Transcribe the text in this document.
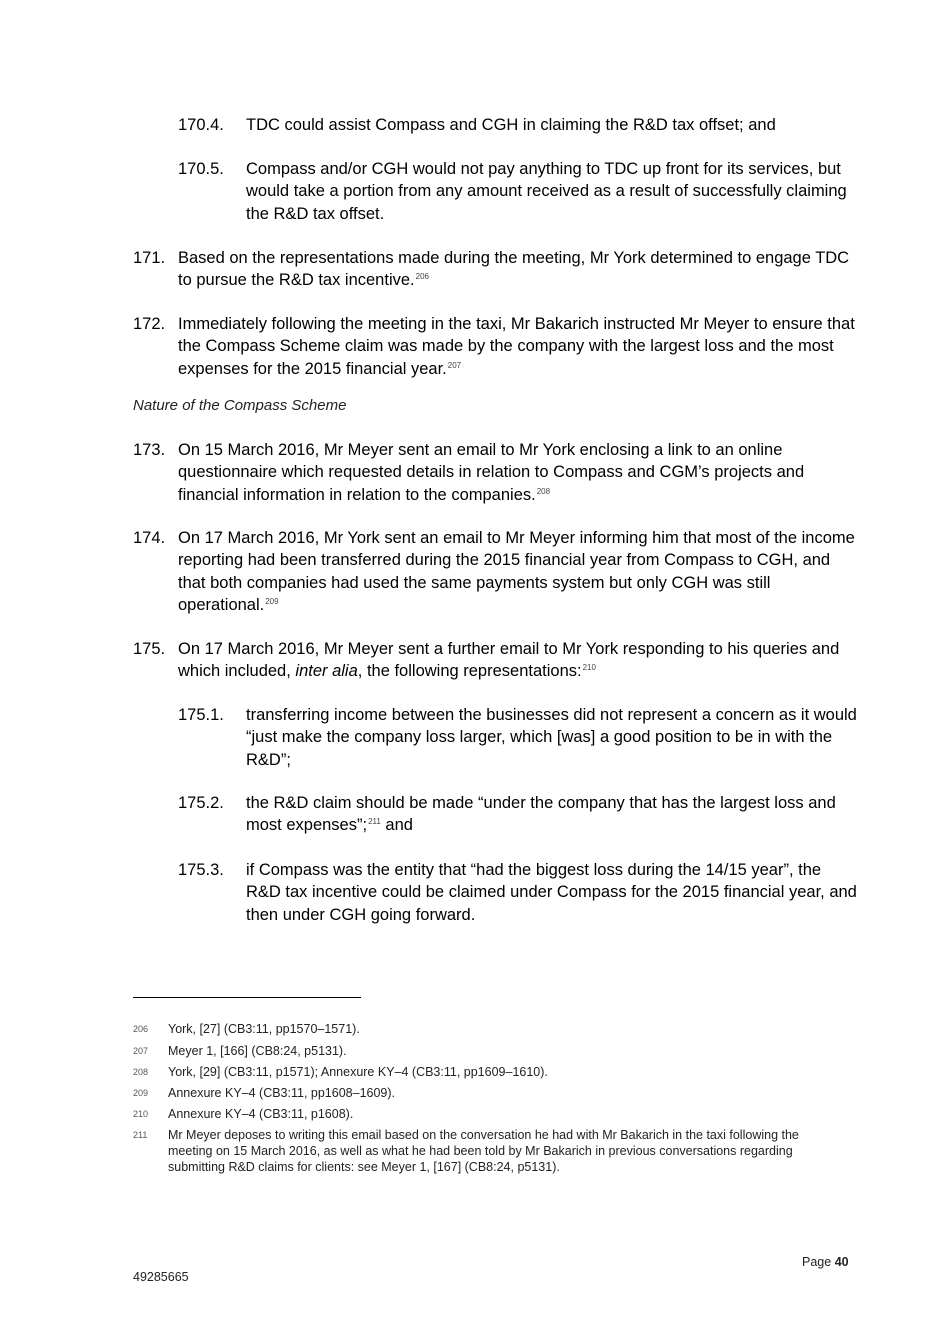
170.4. TDC could assist Compass and CGH in claiming the R&D tax offset; and
170.5. Compass and/or CGH would not pay anything to TDC up front for its services, but would take a portion from any amount received as a result of successfully claiming the R&D tax offset.
171. Based on the representations made during the meeting, Mr York determined to engage TDC to pursue the R&D tax incentive.$^{206}$
172. Immediately following the meeting in the taxi, Mr Bakarich instructed Mr Meyer to ensure that the Compass Scheme claim was made by the company with the largest loss and the most expenses for the 2015 financial year.$^{207}$
Nature of the Compass Scheme
173. On 15 March 2016, Mr Meyer sent an email to Mr York enclosing a link to an online questionnaire which requested details in relation to Compass and CGM’s projects and financial information in relation to the companies.$^{208}$
174. On 17 March 2016, Mr York sent an email to Mr Meyer informing him that most of the income reporting had been transferred during the 2015 financial year from Compass to CGH, and that both companies had used the same payments system but only CGH was still operational.$^{209}$
175. On 17 March 2016, Mr Meyer sent a further email to Mr York responding to his queries and which included, inter alia, the following representations:$^{210}$
175.1. transferring income between the businesses did not represent a concern as it would “just make the company loss larger, which [was] a good position to be in with the R&D”;
175.2. the R&D claim should be made “under the company that has the largest loss and most expenses”;$^{211}$ and
175.3. if Compass was the entity that “had the biggest loss during the 14/15 year”, the R&D tax incentive could be claimed under Compass for the 2015 financial year, and then under CGH going forward.
206 York, [27] (CB3:11, pp1570–1571).
207 Meyer 1, [166] (CB8:24, p5131).
208 York, [29] (CB3:11, p1571); Annexure KY–4 (CB3:11, pp1609–1610).
209 Annexure KY–4 (CB3:11, pp1608–1609).
210 Annexure KY–4 (CB3:11, p1608).
211 Mr Meyer deposes to writing this email based on the conversation he had with Mr Bakarich in the taxi following the meeting on 15 March 2016, as well as what he had been told by Mr Bakarich in previous conversations regarding submitting R&D claims for clients: see Meyer 1, [167] (CB8:24, p5131).
Page 40
49285665
